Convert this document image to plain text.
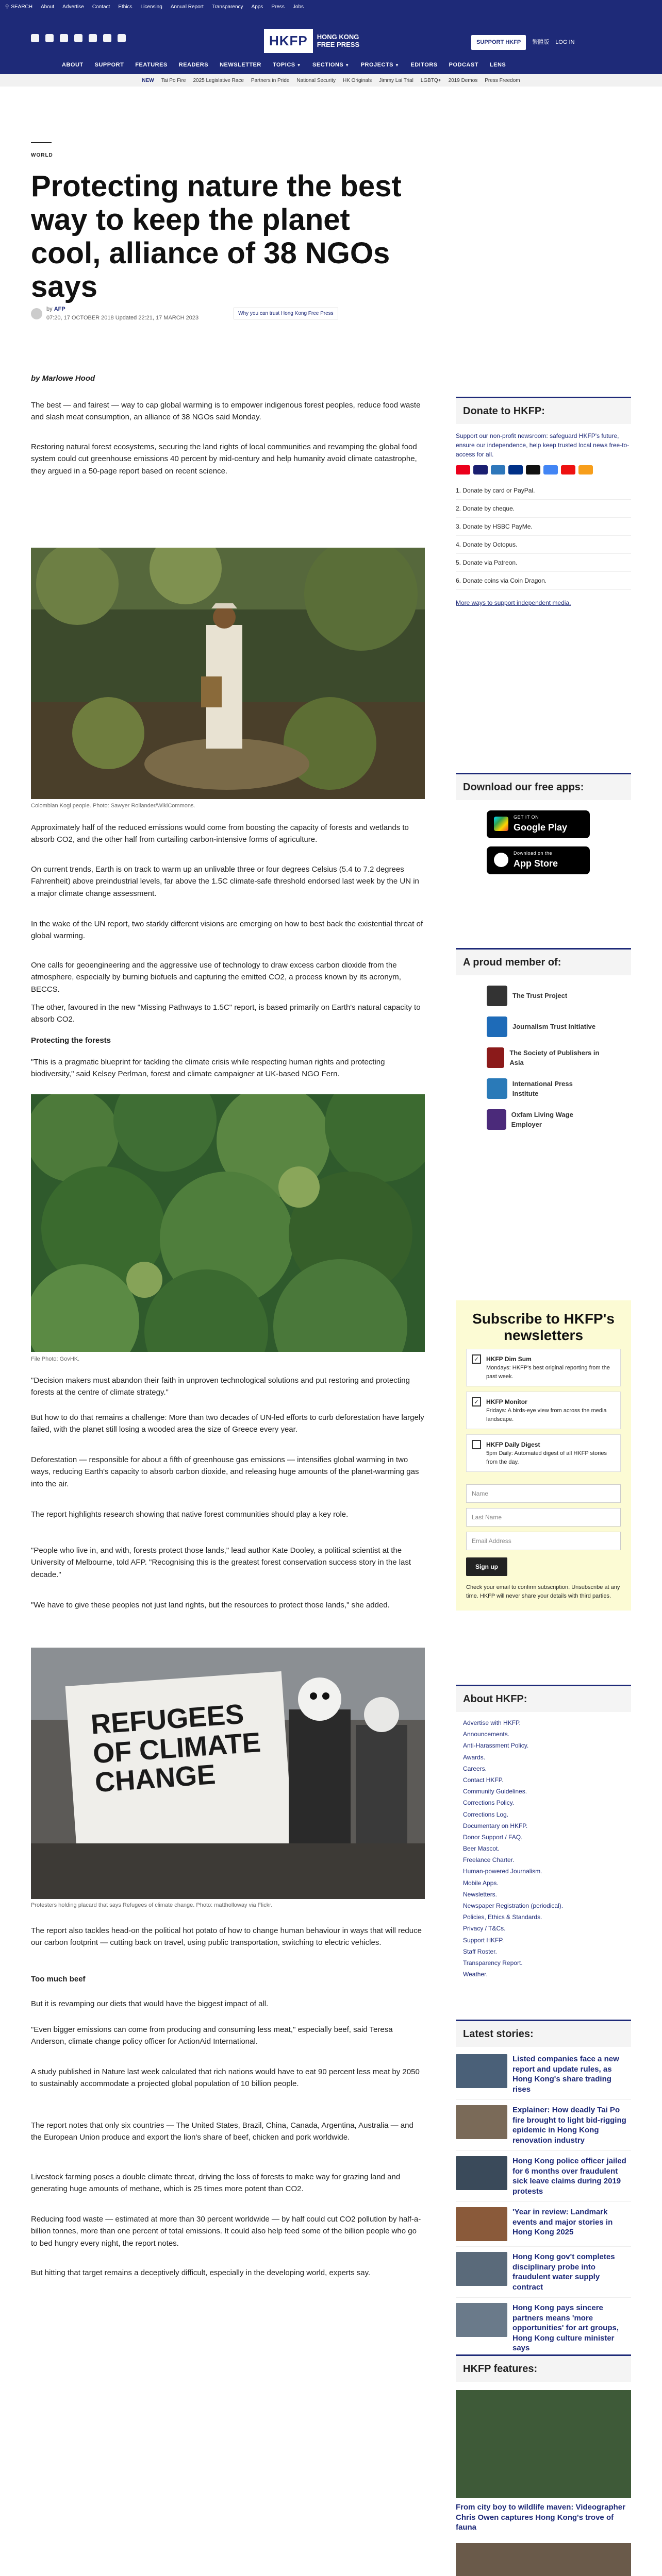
⚲ SEARCH About Advertise Contact Ethics Licensing Annual Report Transparency Apps Press Jobs
HKFP	HONG KONG
FREE PRESS	SUPPORT HKFP	繁體版 LOG IN
ABOUT SUPPORT FEATURES READERS NEWSLETTER TOPICS ▼ SECTIONS ▼ PROJECTS ▼ EDITORS PODCAST LENS
NEW Tai Po Fire 2025 Legislative Race Partners in Pride National Security HK Originals Jimmy Lai Trial LGBTQ+ 2019 Demos Press Freedom
WORLD
Protecting nature the best way to keep the planet cool, alliance of 38 NGOs says
by AFP
07:20, 17 OCTOBER 2018 Updated 22:21, 17 MARCH 2023
Why you can trust Hong Kong Free Press
by Marlowe Hood

The best — and fairest — way to cap global warming is to empower indigenous forest peoples, reduce food waste and slash meat consumption, an alliance of 38 NGOs said Monday.

Restoring natural forest ecosystems, securing the land rights of local communities and revamping the global food system could cut greenhouse emissions 40 percent by mid-century and help humanity avoid climate catastrophe, they argued in a 50-page report based on recent science.

Colombian Kogi people. Photo: Sawyer Rollander/WikiCommons.

Approximately half of the reduced emissions would come from boosting the capacity of forests and wetlands to absorb CO2, and the other half from curtailing carbon-intensive forms of agriculture.

On current trends, Earth is on track to warm up an unlivable three or four degrees Celsius (5.4 to 7.2 degrees Fahrenheit) above preindustrial levels, far above the 1.5C climate-safe threshold endorsed last week by the UN in a major climate change assessment.

In the wake of the UN report, two starkly different visions are emerging on how to best back the existential threat of global warming.

One calls for geoengineering and the aggressive use of technology to draw excess carbon dioxide from the atmosphere, especially by burning biofuels and capturing the emitted CO2, a process known by its acronym, BECCS.

The other, favoured in the new "Missing Pathways to 1.5C" report, is based primarily on Earth's natural capacity to absorb CO2.

Protecting the forests

"This is a pragmatic blueprint for tackling the climate crisis while respecting human rights and protecting biodiversity," said Kelsey Perlman, forest and climate campaigner at UK-based NGO Fern.

File Photo: GovHK.

"Decision makers must abandon their faith in unproven technological solutions and put restoring and protecting forests at the centre of climate strategy."

But how to do that remains a challenge: More than two decades of UN-led efforts to curb deforestation have largely failed, with the planet still losing a wooded area the size of Greece every year.

Deforestation — responsible for about a fifth of greenhouse gas emissions — intensifies global warming in two ways, reducing Earth's capacity to absorb carbon dioxide, and releasing huge amounts of the planet-warming gas into the air.

The report highlights research showing that native forest communities should play a key role.

"People who live in, and with, forests protect those lands," lead author Kate Dooley, a political scientist at the University of Melbourne, told AFP. "Recognising this is the greatest forest conservation success story in the last decade."

"We have to give these peoples not just land rights, but the resources to protect those lands," she added.

REFUGEES OF CLIMATE CHANGE
Protesters holding placard that says Refugees of climate change. Photo: mattholloway via Flickr.

The report also tackles head-on the political hot potato of how to change human behaviour in ways that will reduce our carbon footprint — cutting back on travel, using public transportation, switching to electric vehicles.

Too much beef

But it is revamping our diets that would have the biggest impact of all.

"Even bigger emissions can come from producing and consuming less meat," especially beef, said Teresa Anderson, climate change policy officer for ActionAid International.

A study published in Nature last week calculated that rich nations would have to eat 90 percent less meat by 2050 to sustainably accommodate a projected global population of 10 billion people.

The report notes that only six countries — The United States, Brazil, China, Canada, Argentina, Australia — and the European Union produce and export the lion's share of beef, chicken and pork worldwide.

Livestock farming poses a double climate threat, driving the loss of forests to make way for grazing land and generating huge amounts of methane, which is 25 times more potent than CO2.

Reducing food waste — estimated at more than 30 percent worldwide — by half could cut CO2 pollution by half-a-billion tonnes, more than one percent of total emissions. It could also help feed some of the billion people who go to bed hungry every night, the report notes.

But hitting that target remains a deceptively difficult, especially in the developing world, experts say.

Donate to HKFP:

Support our non-profit newsroom: safeguard HKFP's future, ensure our independence, help keep trusted local news free-to-access for all.

1. Donate by card or PayPal.
2. Donate by cheque.
3. Donate by HSBC PayMe.
4. Donate by Octopus.
5. Donate via Patreon.
6. Donate coins via Coin Dragon.

More ways to support independent media.

Download our free apps:
GET IT ON
Google Play
Download on the
App Store
A proud member of:
The Trust Project
Journalism Trust Initiative
The Society of Publishers in Asia
International Press Institute
Oxfam Living Wage Employer
Subscribe to HKFP's newsletters
✓	HKFP Dim Sum
Mondays: HKFP's best original reporting from the past week.
✓	HKFP Monitor
Fridays: A birds-eye view from across the media landscape.
HKFP Daily Digest
5pm Daily: Automated digest of all HKFP stories from the day.
Name
Last Name
Email Address
Sign up

Check your email to confirm subscription. Unsubscribe at any time. HKFP will never share your details with third parties.

About HKFP:
Advertise with HKFP.
Announcements.
Anti-Harassment Policy.
Awards.
Careers.
Contact HKFP.
Community Guidelines.
Corrections Policy.
Corrections Log.
Documentary on HKFP.
Donor Support / FAQ.
Beer Mascot.
Freelance Charter.
Human-powered Journalism.
Mobile Apps.
Newsletters.
Newspaper Registration (periodical).
Policies, Ethics & Standards.
Privacy / T&Cs.
Support HKFP.
Staff Roster.
Transparency Report.
Weather.
Latest stories:
Listed companies face a new report and update rules, as Hong Kong's share trading rises
Explainer: How deadly Tai Po fire brought to light bid-rigging epidemic in Hong Kong renovation industry
Hong Kong police officer jailed for 6 months over fraudulent sick leave claims during 2019 protests
'Year in review: Landmark events and major stories in Hong Kong 2025
Hong Kong gov't completes disciplinary probe into fraudulent water supply contract
Hong Kong pays sincere partners means 'more opportunities' for art groups, Hong Kong culture minister says
HKFP features:
From city boy to wildlife maven: Videographer Chris Owen captures Hong Kong's trove of fauna
